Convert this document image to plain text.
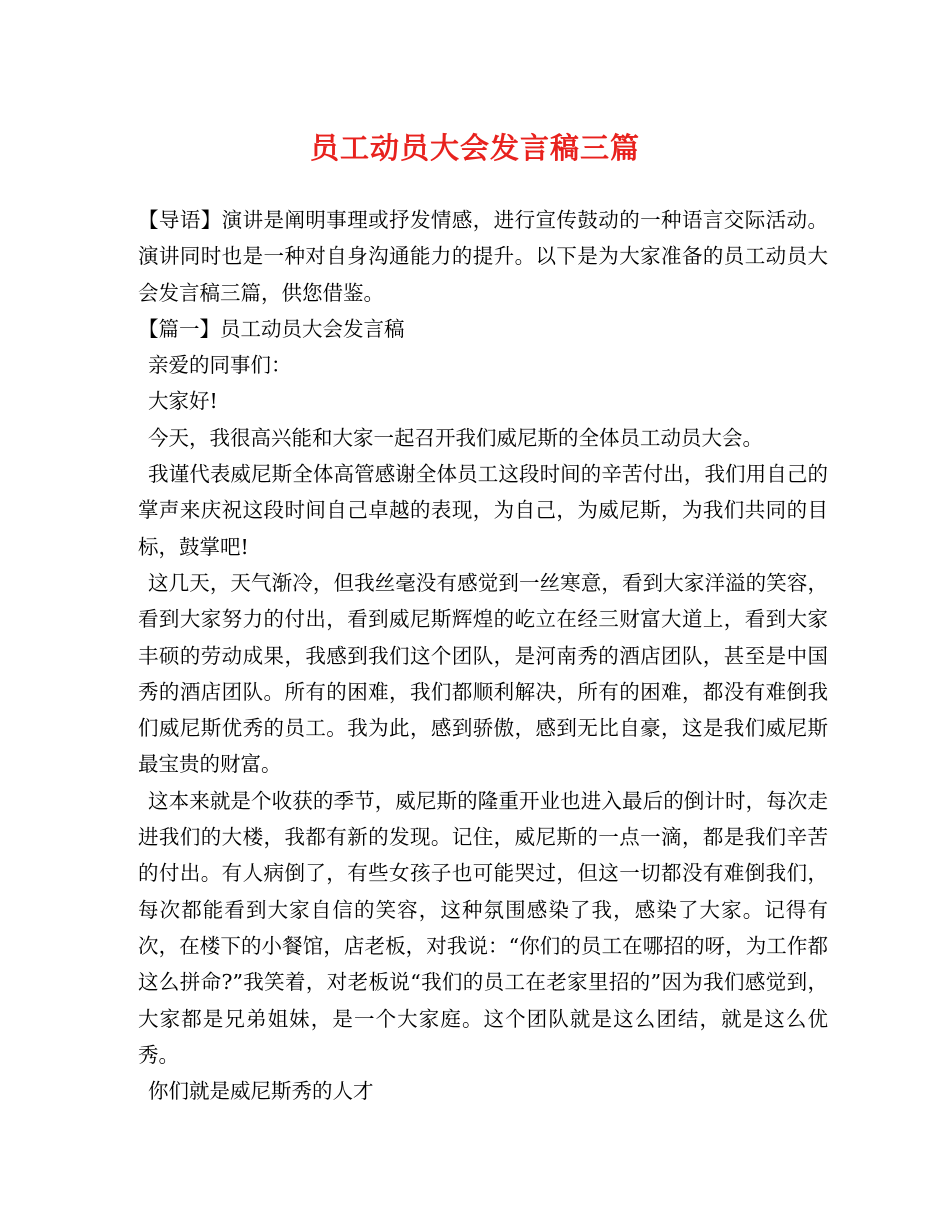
员工动员大会发言稿三篇

【导语】演讲是阐明事理或抒发情感，进行宣传鼓动的一种语言交际活动。演讲同时也是一种对自身沟通能力的提升。以下是为大家准备的员工动员大会发言稿三篇，供您借鉴。

【篇一】员工动员大会发言稿

亲爱的同事们：

大家好!

今天，我很高兴能和大家一起召开我们威尼斯的全体员工动员大会。

我谨代表威尼斯全体高管感谢全体员工这段时间的辛苦付出，我们用自己的掌声来庆祝这段时间自己卓越的表现，为自己，为威尼斯，为我们共同的目标，鼓掌吧!

这几天，天气渐冷，但我丝毫没有感觉到一丝寒意，看到大家洋溢的笑容，看到大家努力的付出，看到威尼斯辉煌的屹立在经三财富大道上，看到大家丰硕的劳动成果，我感到我们这个团队，是河南秀的酒店团队，甚至是中国秀的酒店团队。所有的困难，我们都顺利解决，所有的困难，都没有难倒我们威尼斯优秀的员工。我为此，感到骄傲，感到无比自豪，这是我们威尼斯最宝贵的财富。

这本来就是个收获的季节，威尼斯的隆重开业也进入最后的倒计时，每次走进我们的大楼，我都有新的发现。记住，威尼斯的一点一滴，都是我们辛苦的付出。有人病倒了，有些女孩子也可能哭过，但这一切都没有难倒我们，每次都能看到大家自信的笑容，这种氛围感染了我，感染了大家。记得有次，在楼下的小餐馆，店老板，对我说：“你们的员工在哪招的呀，为工作都这么拼命?”我笑着，对老板说“我们的员工在老家里招的”因为我们感觉到，大家都是兄弟姐妹，是一个大家庭。这个团队就是这么团结，就是这么优秀。

你们就是威尼斯秀的人才
